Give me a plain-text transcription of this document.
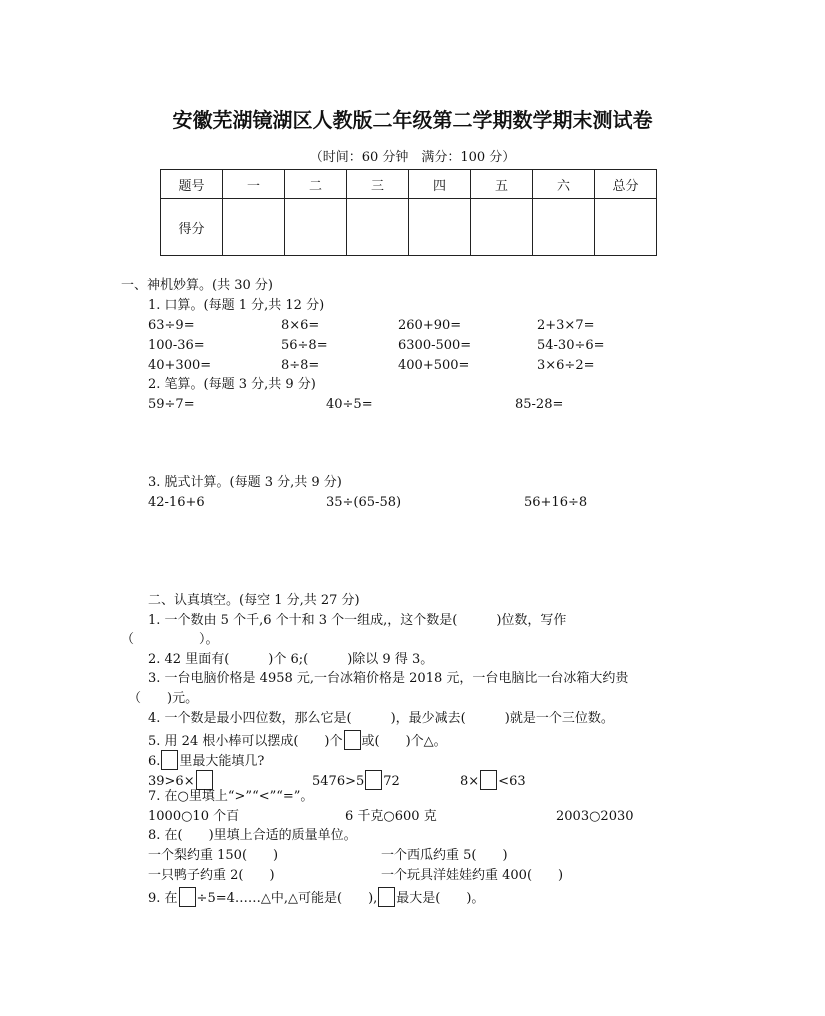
安徽芜湖镜湖区人教版二年级第二学期数学期末测试卷
（时间：60 分钟　满分：100 分）
题号	一	二	三	四	五	六	总分
得分							
一、神机妙算。(共 30 分)
1. 口算。(每题 1 分,共 12 分)
63÷9=	8×6=	260+90=	2+3×7=
100-36=	56÷8=	6300-500=	54-30÷6=
40+300=	8÷8=	400+500=	3×6÷2=
2. 笔算。(每题 3 分,共 9 分)
59÷7=	40÷5=	85-28=
3. 脱式计算。(每题 3 分,共 9 分)
42-16+6	35÷(65-58)	56+16÷8
二、认真填空。(每空 1 分,共 27 分)
1. 一个数由 5 个千,6 个十和 3 个一组成,，这个数是(　　　)位数，写作
（　　　　　）。
2. 42 里面有(　　　)个 6;(　　　)除以 9 得 3。
3. 一台电脑价格是 4958 元,一台冰箱价格是 2018 元，一台电脑比一台冰箱大约贵
（　　)元。
4. 一个数是最小四位数，那么它是(　　　)，最少减去(　　　)就是一个三位数。
5. 用 24 根小棒可以摆成(　　)个 或(　　)个△。
6. 里最大能填几?
39>6×	5476>5 72	8× <63
7. 在○里填上“>”“<”“=”。
1000○10 个百	6 千克○600 克	2003○2030
8. 在(　　)里填上合适的质量单位。
一个梨约重 150(　　)	一个西瓜约重 5(　　)
一只鸭子约重 2(　　)	一个玩具洋娃娃约重 400(　　)
9. 在 ÷5=4……△中,△可能是(　　), 最大是(　　)。
